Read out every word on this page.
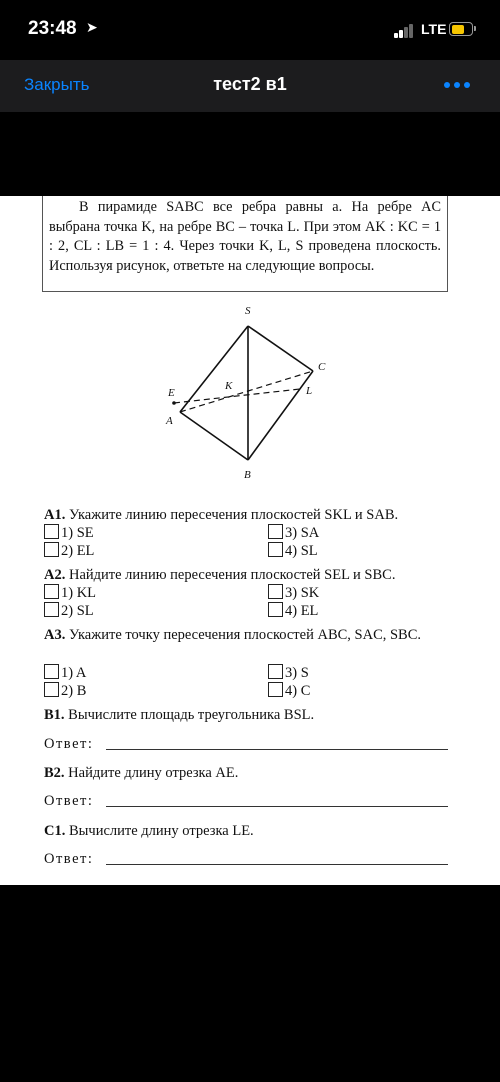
23:48 ➤	LTE
Закрыть	тест2 в1
В пирамиде SABC все ребра равны a. На ребре AC выбрана точка K, на ребре BC – точка L. При этом AK : KC = 1 : 2, CL : LB = 1 : 4. Через точки K, L, S проведена плоскость. Используя рисунок, ответьте на следующие вопросы.
S
C
E
K	L
A
B
А1. Укажите линию пересечения плоскостей SKL и SAB.
1) SE
2) EL
3) SA
4) SL
А2. Найдите линию пересечения плоскостей SEL и SBC.
1) KL
2) SL
3) SK
4) EL
А3. Укажите точку пересечения плоскостей ABC, SAC, SBC.
1) A
2) B
3) S
4) C
В1. Вычислите площадь треугольника BSL.
Ответ:
В2. Найдите длину отрезка AE.
Ответ:
С1. Вычислите длину отрезка LE.
Ответ:
